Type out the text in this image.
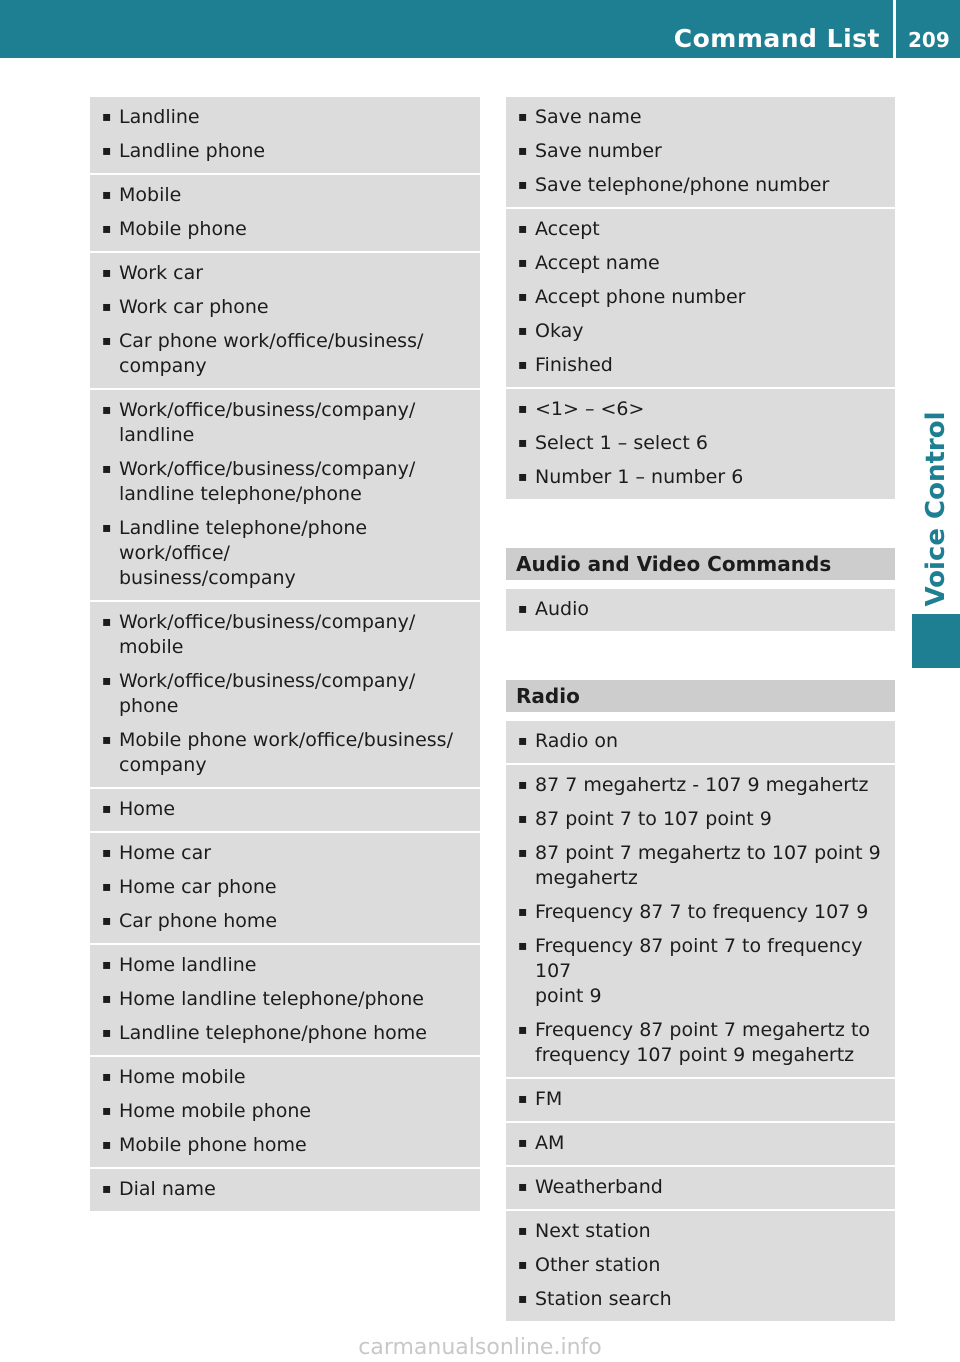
Command List 209
Voice Control
▪ Landline
▪ Landline phone
▪ Mobile
▪ Mobile phone
▪ Work car
▪ Work car phone
▪ Car phone work/office/business/
company
▪ Work/office/business/company/
landline
▪ Work/office/business/company/
landline telephone/phone
▪ Landline telephone/phone work/office/
business/company
▪ Work/office/business/company/
mobile
▪ Work/office/business/company/
phone
▪ Mobile phone work/office/business/
company
▪ Home
▪ Home car
▪ Home car phone
▪ Car phone home
▪ Home landline
▪ Home landline telephone/phone
▪ Landline telephone/phone home
▪ Home mobile
▪ Home mobile phone
▪ Mobile phone home
▪ Dial name
▪ Save name
▪ Save number
▪ Save telephone/phone number
▪ Accept
▪ Accept name
▪ Accept phone number
▪ Okay
▪ Finished
▪ <1> – <6>
▪ Select 1 – select 6
▪ Number 1 – number 6
Audio and Video Commands
▪ Audio
Radio
▪ Radio on
▪ 87 7 megahertz - 107 9 megahertz
▪ 87 point 7 to 107 point 9
▪ 87 point 7 megahertz to 107 point 9
megahertz
▪ Frequency 87 7 to frequency 107 9
▪ Frequency 87 point 7 to frequency 107
point 9
▪ Frequency 87 point 7 megahertz to
frequency 107 point 9 megahertz
▪ FM
▪ AM
▪ Weatherband
▪ Next station
▪ Other station
▪ Station search
carmanualsonline.info
